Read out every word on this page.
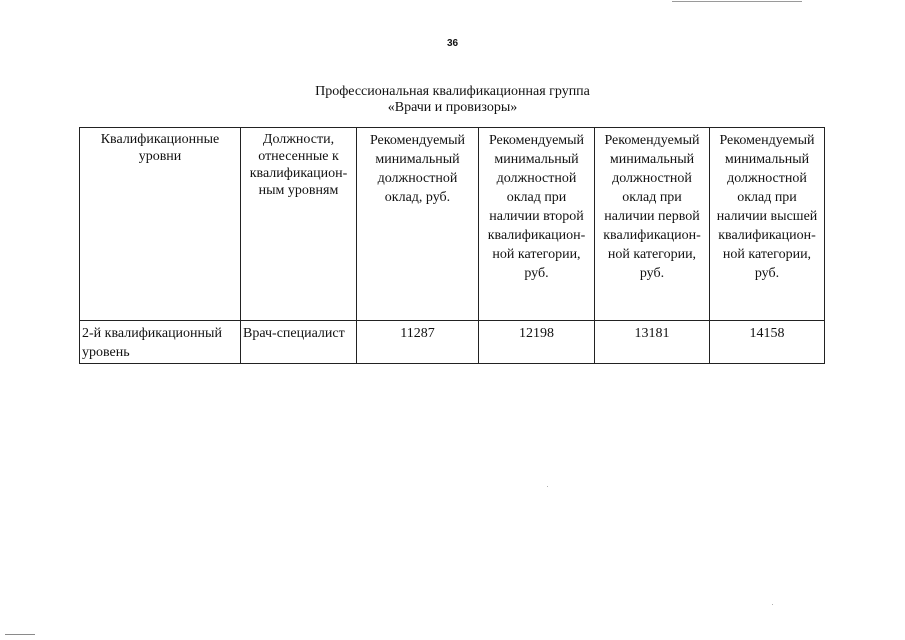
36
Профессиональная квалификационная группа
«Врачи и провизоры»
Квалификационные уровни	Должности, отнесенные к квалификацион-ным уровням	Рекомендуемый минимальный должностной оклад, руб.	Рекомендуемый минимальный должностной оклад при наличии второй квалификацион-ной категории, руб.	Рекомендуемый минимальный должностной оклад при наличии первой квалификацион-ной категории, руб.	Рекомендуемый минимальный должностной оклад при наличии высшей квалификацион-ной категории, руб.

2-й квалификационный уровень	Врач-специалист	11287	12198	13181	14158
